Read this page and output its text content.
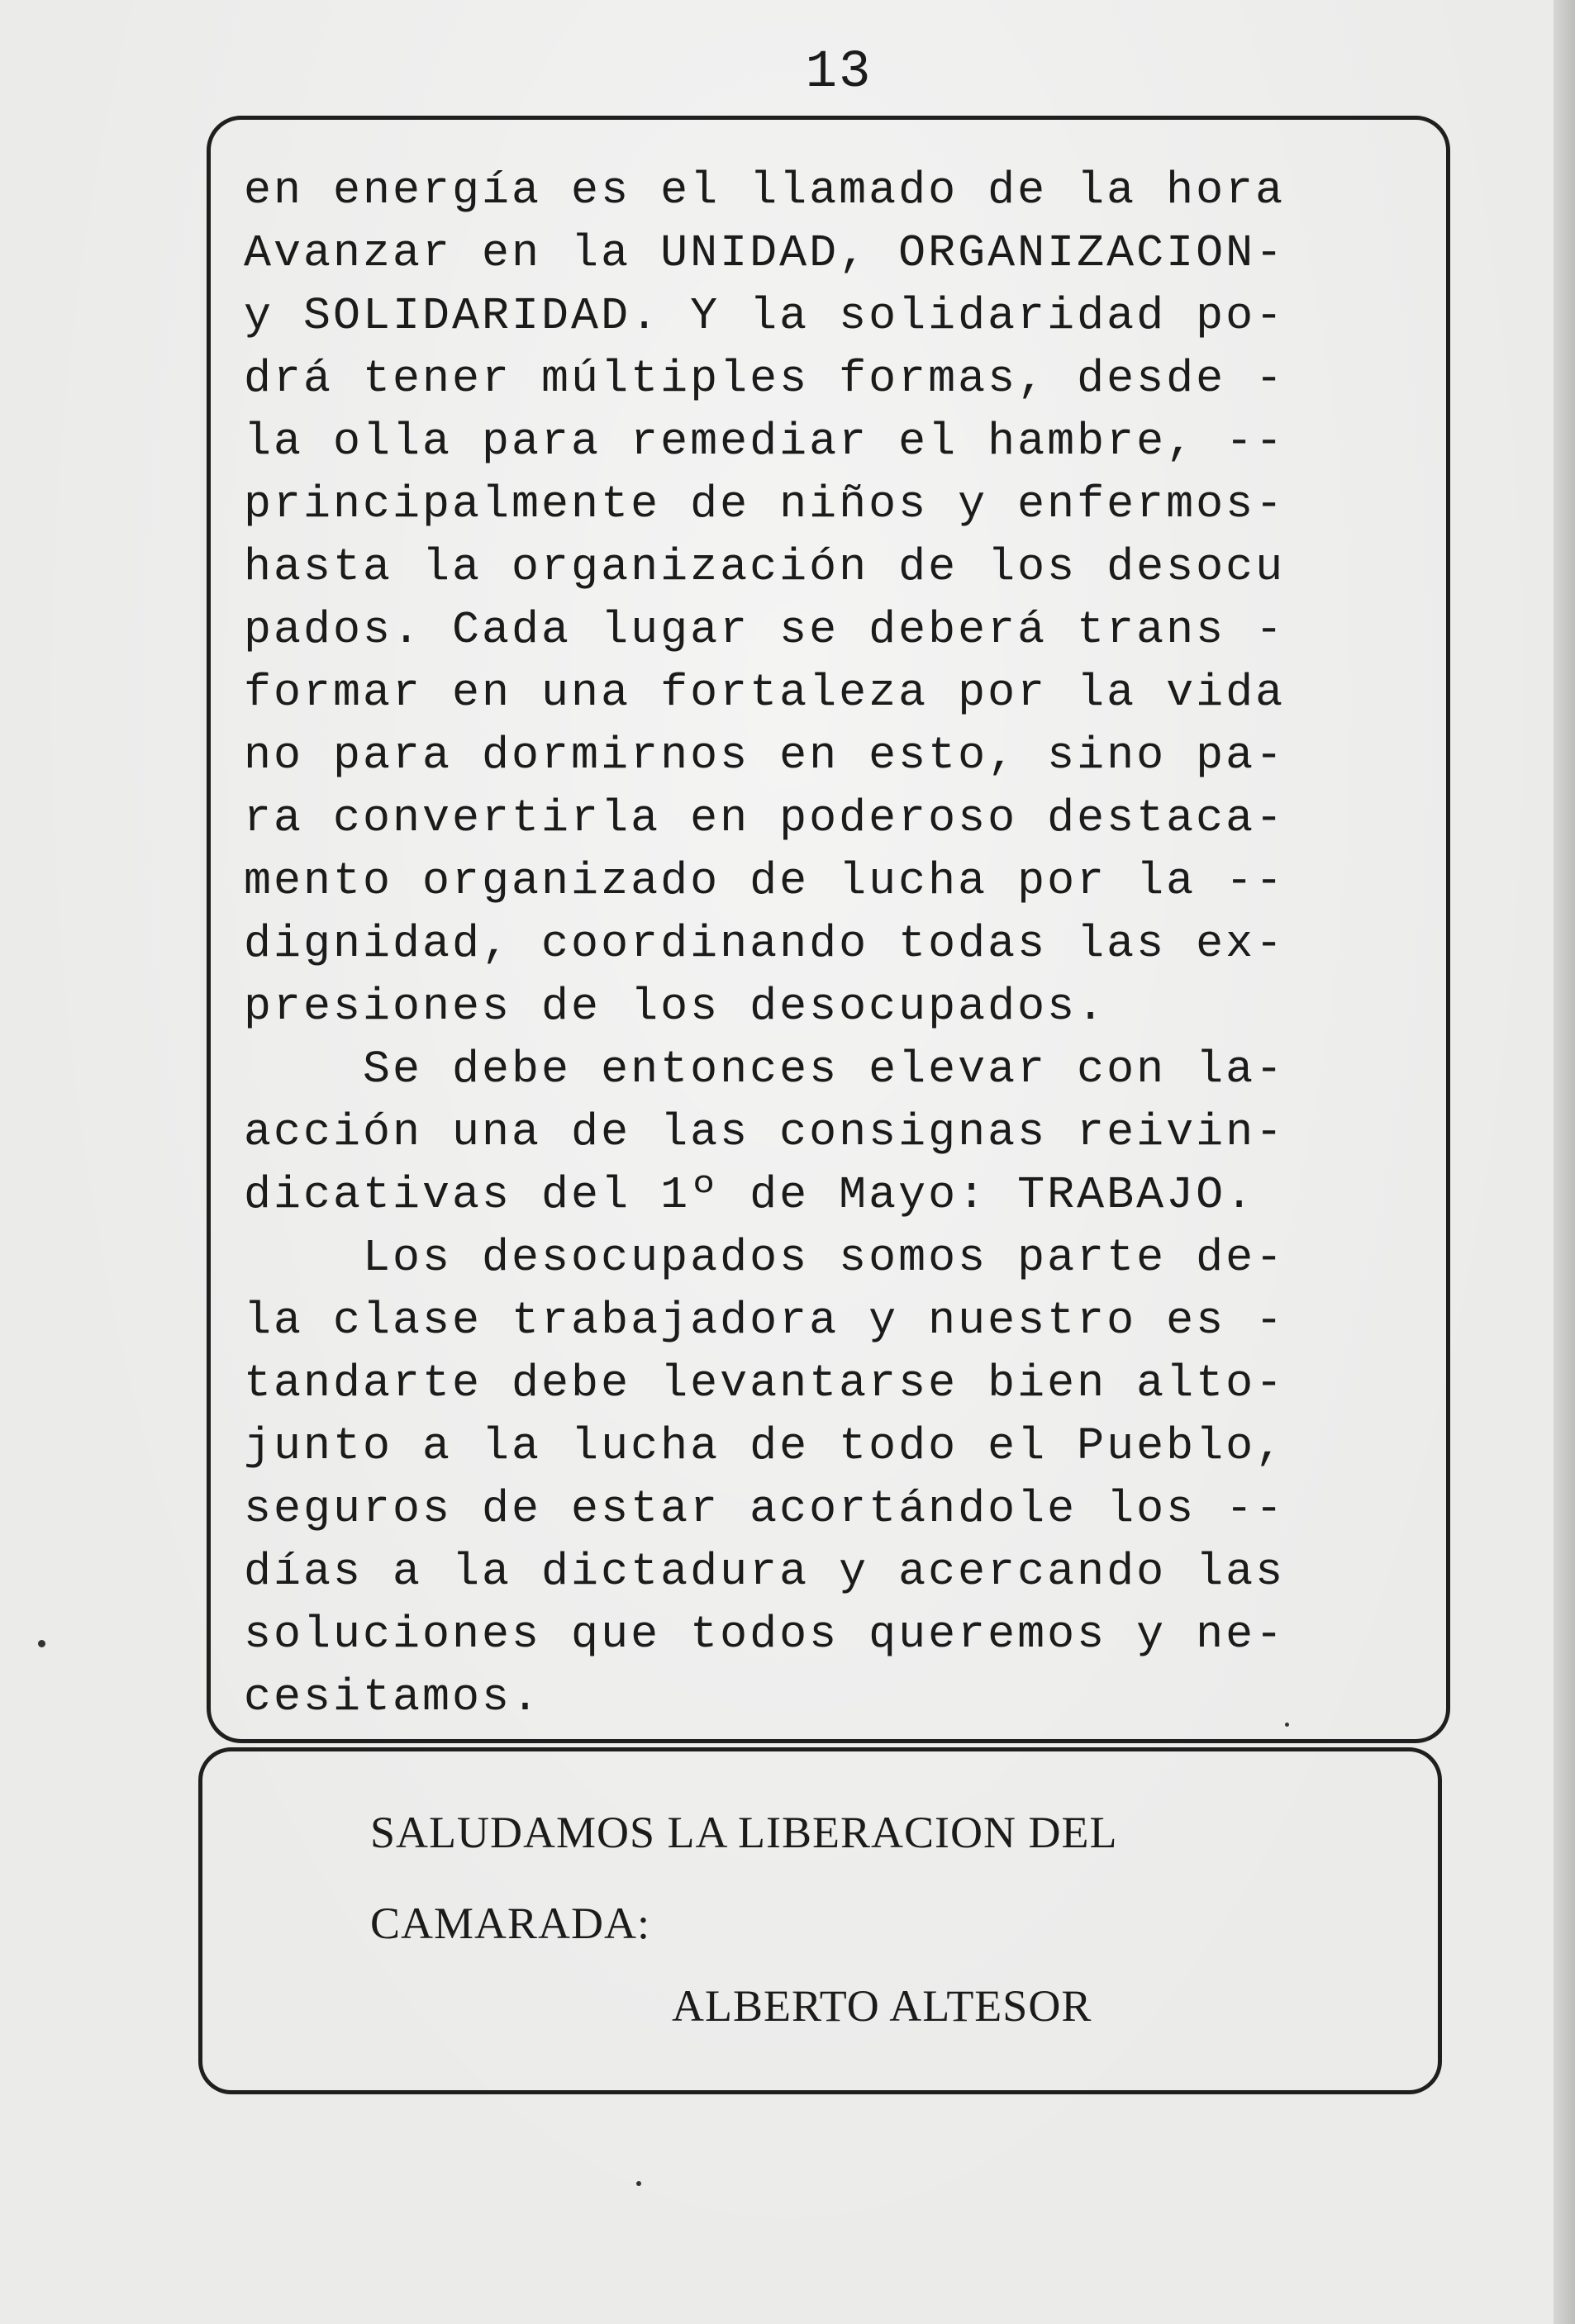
13
en energía es el llamado de la hora
Avanzar en la UNIDAD, ORGANIZACION-
y SOLIDARIDAD. Y la solidaridad po-
drá tener múltiples formas, desde -
la olla para remediar el hambre, --
principalmente de niños y enfermos-
hasta la organización de los desocu
pados. Cada lugar se deberá trans -
formar en una fortaleza por la vida
no para dormirnos en esto, sino pa-
ra convertirla en poderoso destaca-
mento organizado de lucha por la --
dignidad, coordinando todas las ex-
presiones de los desocupados.
Se debe entonces elevar con la-
acción una de las consignas reivin-
dicativas del 1º de Mayo: TRABAJO.
Los desocupados somos parte de-
la clase trabajadora y nuestro es -
tandarte debe levantarse bien alto-
junto a la lucha de todo el Pueblo,
seguros de estar acortándole los --
días a la dictadura y acercando las
soluciones que todos queremos y ne-
cesitamos.
SALUDAMOS LA LIBERACION DEL
CAMARADA:
ALBERTO ALTESOR
